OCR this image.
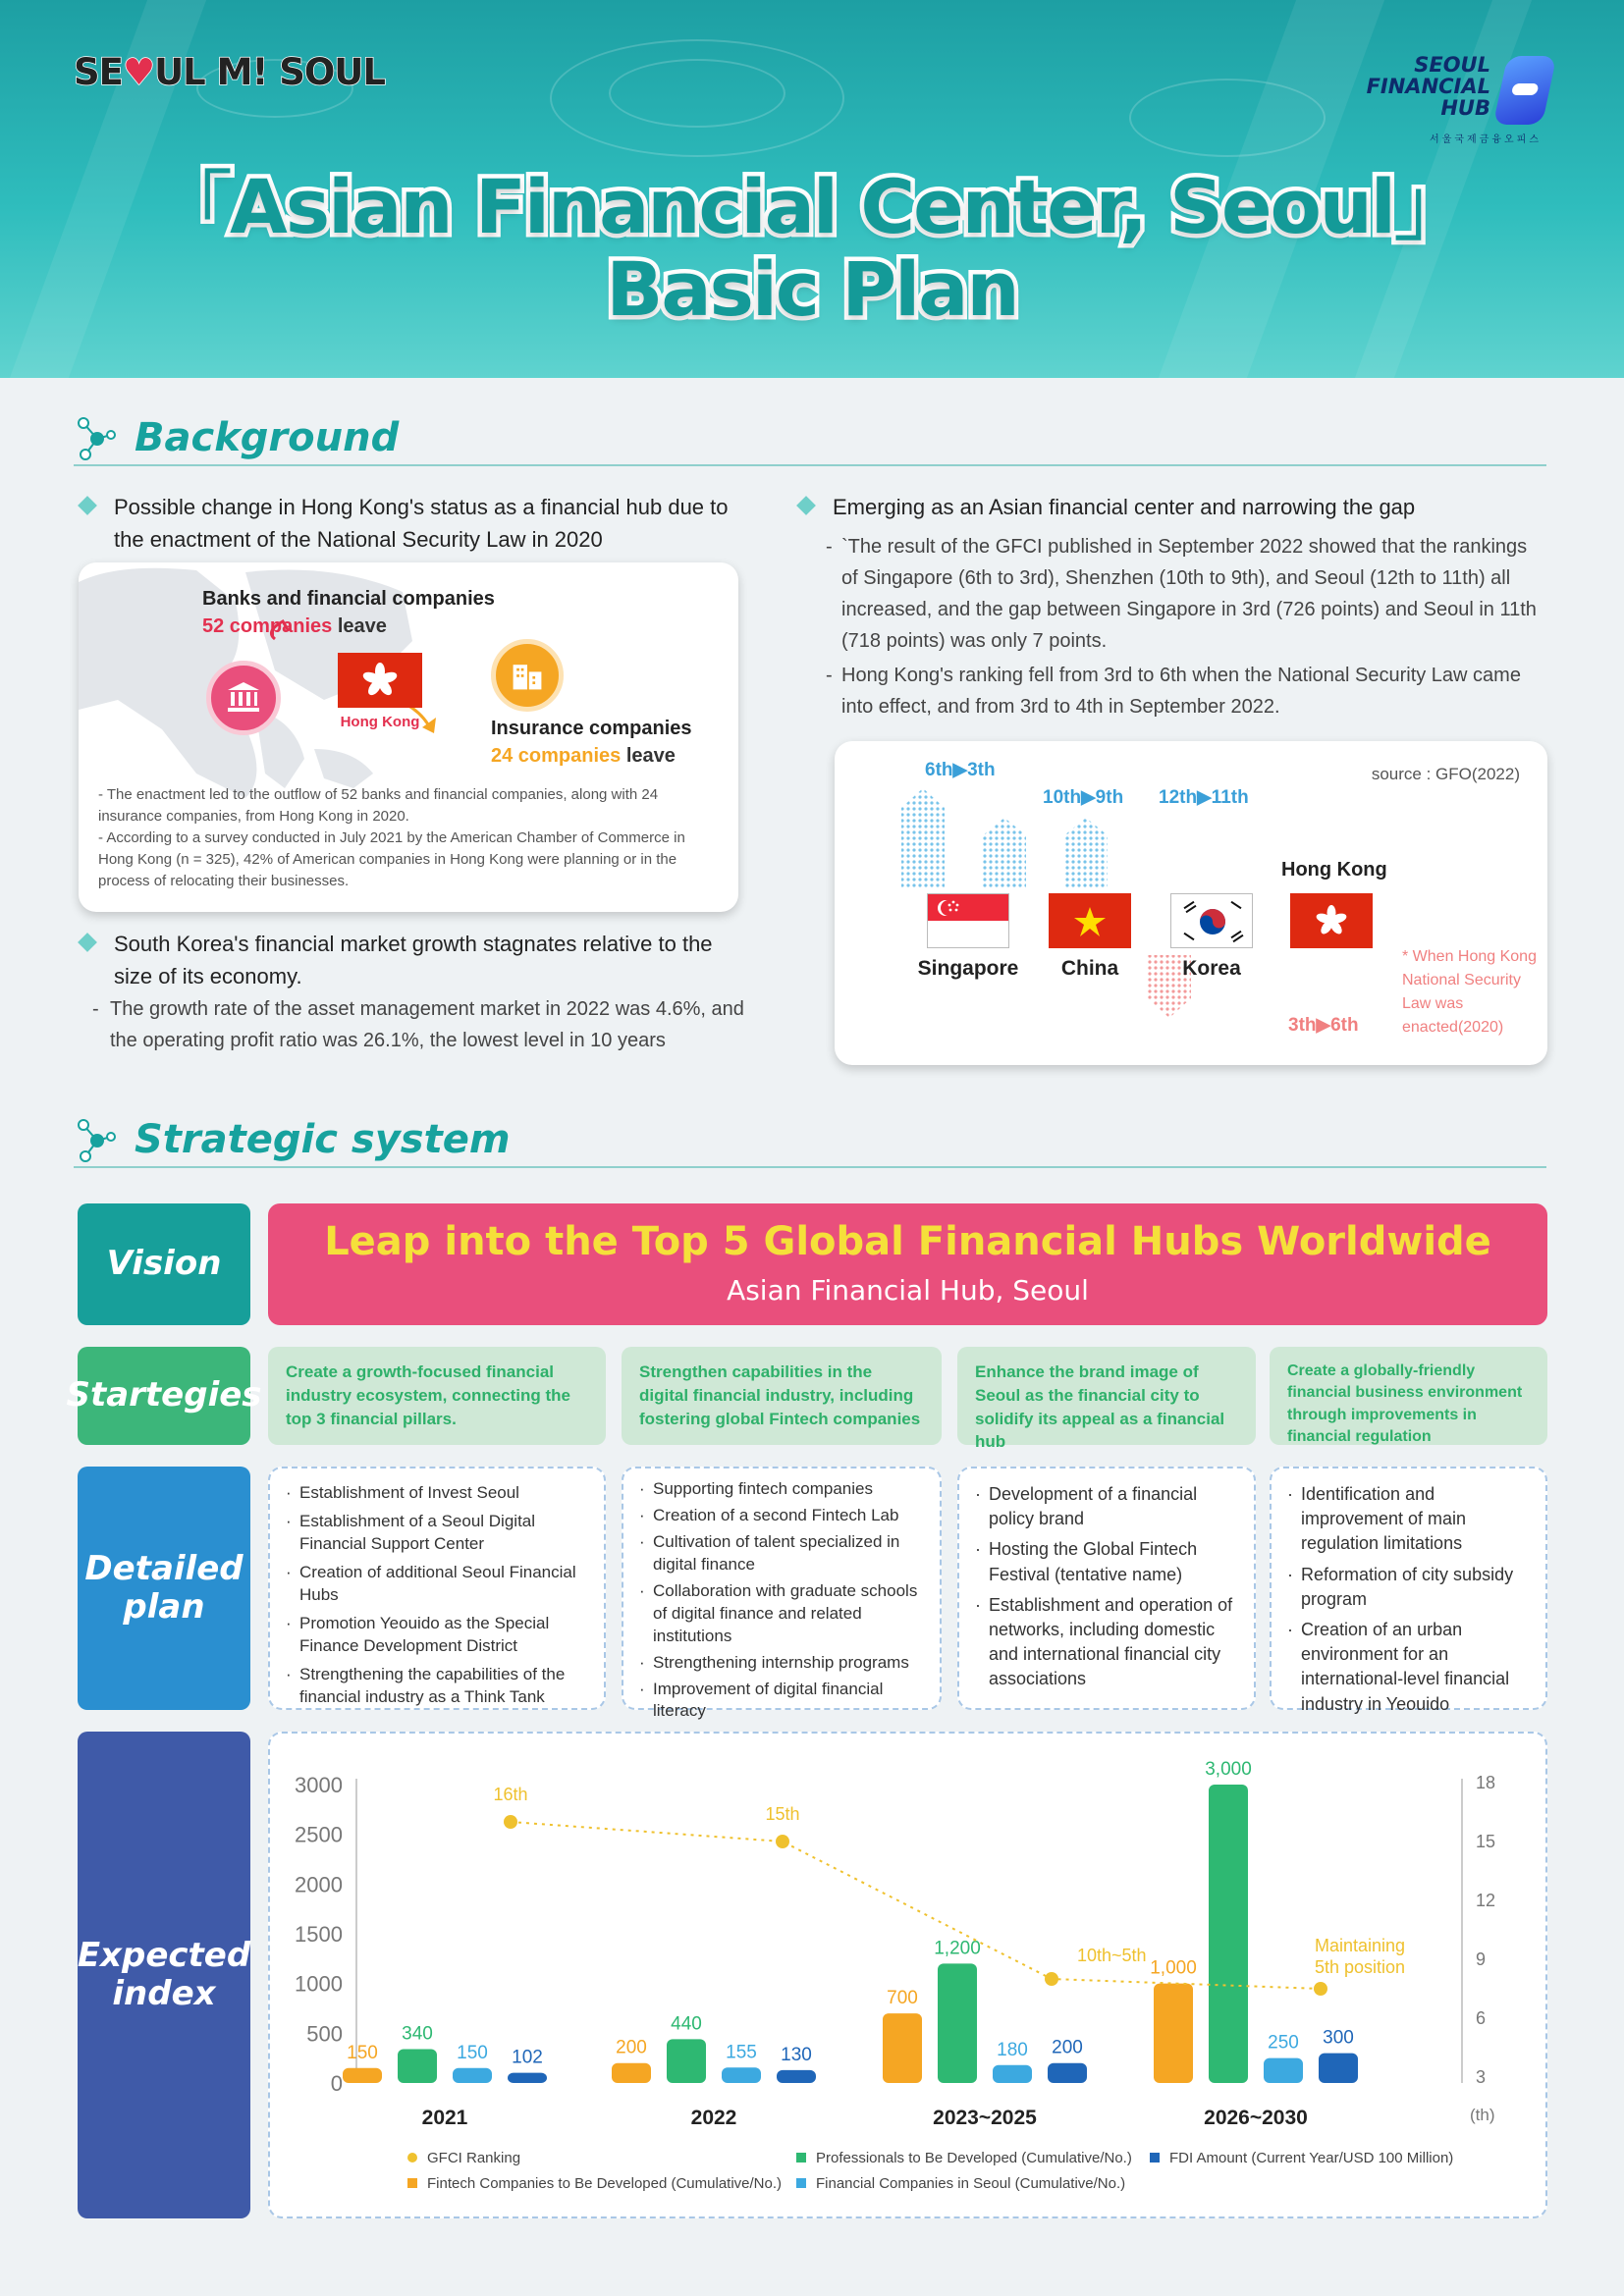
SE♥UL M! SOUL	SEOUL
FINANCIAL
HUB
서울국제금융오피스
「Asian Financial Center, Seoul」
Basic Plan
Background
Possible change in Hong Kong's status as a financial hub due to the enactment of the National Security Law in 2020
Banks and financial companies
52 companies leave
Hong Kong	Insurance companies
24 companies leave
- The enactment led to the outflow of 52 banks and financial companies, along with 24 insurance companies, from Hong Kong in 2020.
- According to a survey conducted in July 2021 by the American Chamber of Commerce in Hong Kong (n = 325), 42% of American companies in Hong Kong were planning or in the process of relocating their businesses.
South Korea's financial market growth stagnates relative to the size of its economy.
- The growth rate of the asset management market in 2022 was 4.6%, and the operating profit ratio was 26.1%, the lowest level in 10 years
Emerging as an Asian financial center and narrowing the gap
- `The result of the GFCI published in September 2022 showed that the rankings of Singapore (6th to 3rd), Shenzhen (10th to 9th), and Seoul (12th to 11th) all increased, and the gap between Singapore in 3rd (726 points) and Seoul in 11th (718 points) was only 7 points.
- Hong Kong's ranking fell from 3rd to 6th when the National Security Law came into effect, and from 3rd to 4th in September 2022.
source : GFO(2022)
6th▶3th
10th▶9th 12th▶11th
Hong Kong
Singapore	China	Korea
3th▶6th
* When Hong Kong National Security Law was enacted(2020)
Strategic system
Vision	Leap into the Top 5 Global Financial Hubs Worldwide
Asian Financial Hub, Seoul
Startegies
Create a growth-focused financial industry ecosystem, connecting the top 3 financial pillars.
Strengthen capabilities in the digital financial industry, including fostering global Fintech companies
Enhance the brand image of Seoul as the financial city to solidify its appeal as a financial hub
Create a globally-friendly financial business environment through improvements in financial regulation
Detailed plan
· Establishment of Invest Seoul
· Establishment of a Seoul Digital Financial Support Center
· Creation of additional Seoul Financial Hubs
· Promotion Yeouido as the Special Finance Development District
· Strengthening the capabilities of the financial industry as a Think Tank
· Supporting fintech companies
· Creation of a second Fintech Lab
· Cultivation of talent specialized in digital finance
· Collaboration with graduate schools of digital finance and related institutions
· Strengthening internship programs
· Improvement of digital financial literacy
· Development of a financial policy brand
· Hosting the Global Fintech Festival (tentative name)
· Establishment and operation of networks, including domestic and international financial city associations
· Identification and improvement of main regulation limitations
· Reformation of city subsidy program
· Creation of an urban environment for an international-level financial industry in Yeouido
Expected index
0
500
1000
1500
2000
2500
3000
3
6
9
12
15
18
(th)
2021
150
340
150 102
2022
200
440
155 130
2023~2025
700
1,200
180 200
2026~2030
1,000
3,000
250 300
16th
15th
10th~5th	Maintaining 5th position
GFCI Ranking
Fintech Companies to Be Developed (Cumulative/No.)
Professionals to Be Developed (Cumulative/No.)
Financial Companies in Seoul (Cumulative/No.)
FDI Amount (Current Year/USD 100 Million)
